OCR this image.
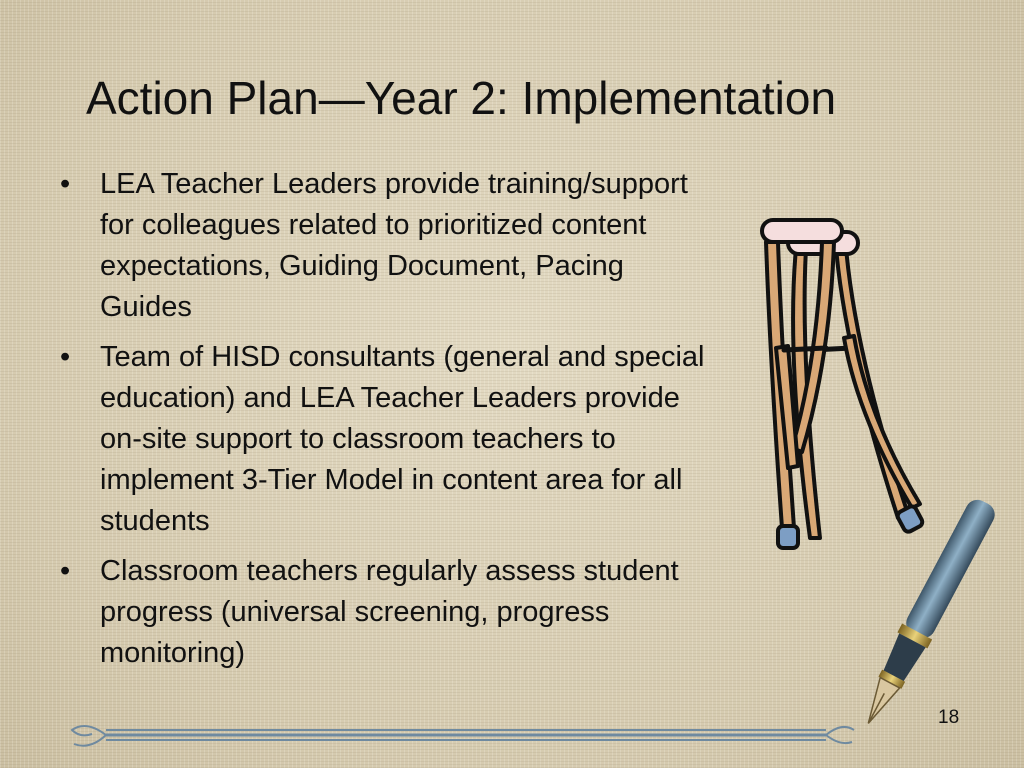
Action Plan—Year 2: Implementation
• LEA Teacher Leaders provide training/support for colleagues related to prioritized content expectations, Guiding Document, Pacing Guides
• Team of HISD consultants (general and special education) and LEA Teacher Leaders provide on-site support to classroom teachers to implement 3-Tier Model in content area for all students
• Classroom teachers regularly assess student progress (universal screening, progress monitoring)
18
